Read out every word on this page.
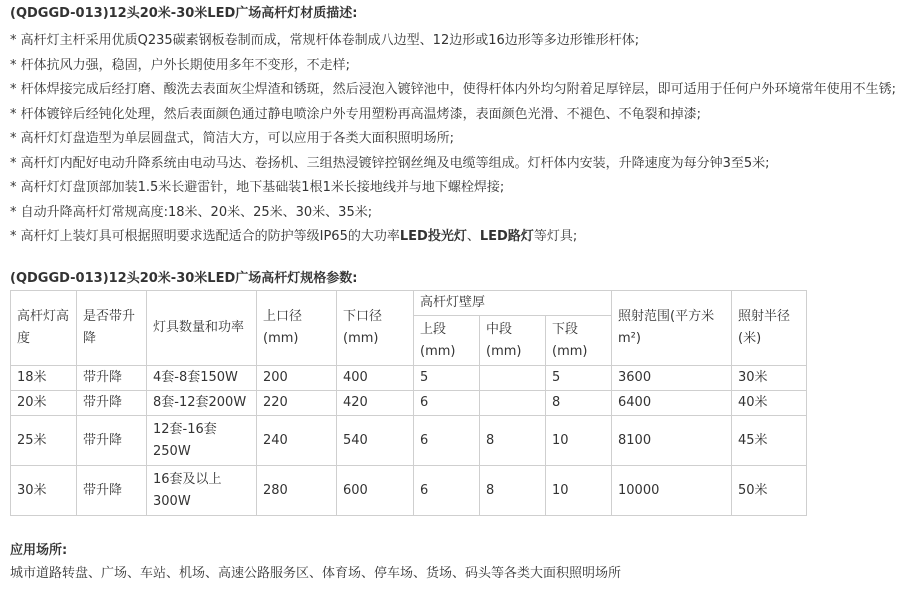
(QDGGD-013)12头20米-30米LED广场高杆灯材质描述:

* 高杆灯主杆采用优质Q235碳素钢板卷制而成，常规杆体卷制成八边型、12边形或16边形等多边形锥形杆体;
* 杆体抗风力强，稳固，户外长期使用多年不变形，不走样;
* 杆体焊接完成后经打磨、酸洗去表面灰尘焊渣和锈斑，然后浸泡入镀锌池中，使得杆体内外均匀附着足厚锌层，即可适用于任何户外环境常年使用不生锈;
* 杆体镀锌后经钝化处理，然后表面颜色通过静电喷涂户外专用塑粉再高温烤漆，表面颜色光滑、不褪色、不龟裂和掉漆;
* 高杆灯灯盘造型为单层圆盘式，简洁大方，可以应用于各类大面积照明场所;
* 高杆灯内配好电动升降系统由电动马达、卷扬机、三组热浸镀锌控钢丝绳及电缆等组成。灯杆体内安装，升降速度为每分钟3至5米;
* 高杆灯灯盘顶部加装1.5米长避雷针，地下基础装1根1米长接地线并与地下螺栓焊接;
* 自动升降高杆灯常规高度:18米、20米、25米、30米、35米;
* 高杆灯上装灯具可根据照明要求选配适合的防护等级IP65的大功率LED投光灯、LED路灯等灯具;

(QDGGD-013)12头20米-30米LED广场高杆灯规格参数:

高杆灯高度	是否带升降	灯具数量和功率	上口径(mm)	下口径(mm)	高杆灯壁厚			照射范围(平方米m²)	照射半径(米)
					上段(mm)	中段(mm)	下段(mm)		
18米	带升降	4套-8套150W	200	400	5		5	3600	30米
20米	带升降	8套-12套200W	220	420	6		8	6400	40米
25米	带升降	12套-16套250W	240	540	6	8	10	8100	45米
30米	带升降	16套及以上300W	280	600	6	8	10	10000	50米

应用场所:

城市道路转盘、广场、车站、机场、高速公路服务区、体育场、停车场、货场、码头等各类大面积照明场所
